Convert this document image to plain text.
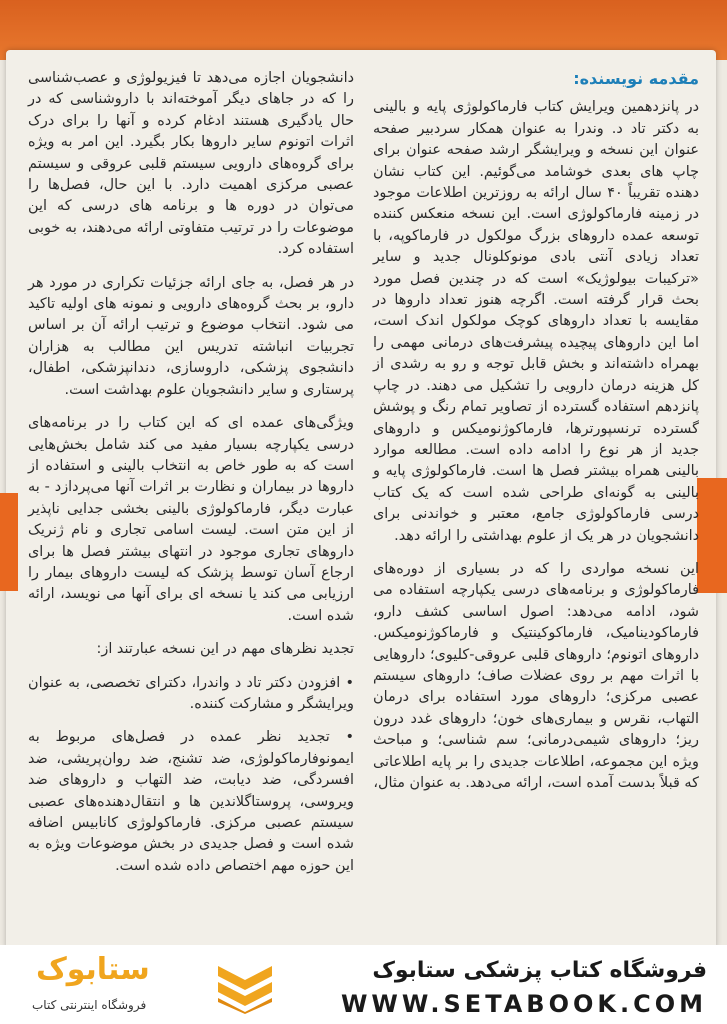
مقدمه نویسنده:

در پانزدهمین ویرایش کتاب فارماکولوژی پایه و بالینی به دکتر تاد د. وندرا به عنوان همکار سردبیر صفحه عنوان این نسخه و ویرایشگر ارشد صفحه عنوان برای چاپ های بعدی خوشامد می‌گوئیم. این کتاب نشان دهنده تقریباً ۴۰ سال ارائه به روزترین اطلاعات موجود در زمینه فارماکولوژی است. این نسخه منعکس کننده توسعه عمده داروهای بزرگ مولکول در فارماکوپه، با تعداد زیادی آنتی بادی مونوکلونال جدید و سایر «ترکیبات بیولوژیک» است که در چندین فصل مورد بحث قرار گرفته است. اگرچه هنوز تعداد داروها در مقایسه با تعداد داروهای کوچک مولکول اندک است، اما این داروهای پیچیده پیشرفت‌های درمانی مهمی را بهمراه داشته‌اند و بخش قابل توجه و رو به رشدی از کل هزینه درمان دارویی را تشکیل می دهند. در چاپ پانزدهم استفاده گسترده از تصاویر تمام رنگ و پوشش گسترده ترنسپورترها، فارماکوژنومیکس و داروهای جدید از هر نوع را ادامه داده است. مطالعه موارد بالینی همراه بیشتر فصل ها است. فارماکولوژی پایه و بالینی به گونه‌ای طراحی شده است که یک کتاب درسی فارماکولوژی جامع، معتبر و خواندنی برای دانشجویان در هر یک از علوم بهداشتی را ارائه دهد.

این نسخه مواردی را که در بسیاری از دوره‌های فارماکولوژی و برنامه‌های درسی یکپارچه استفاده می شود، ادامه می‌دهد: اصول اساسی کشف دارو، فارماکودینامیک، فارماکوکینتیک و فارماکوژنومیکس. داروهای اتونوم؛ داروهای قلبی عروقی-کلیوی؛ داروهایی با اثرات مهم بر روی عضلات صاف؛ داروهای سیستم عصبی مرکزی؛ داروهای مورد استفاده برای درمان التهاب، نقرس و بیماری‌های خون؛ داروهای غدد درون ریز؛ داروهای شیمی‌درمانی؛ سم شناسی؛ و مباحث ویژه این مجموعه، اطلاعات جدیدی را بر پایه اطلاعاتی که قبلاً بدست آمده است، ارائه می‌دهد. به عنوان مثال،

دانشجویان اجازه می‌دهد تا فیزیولوژی و عصب‌شناسی را که در جاهای دیگر آموخته‌اند با داروشناسی که در حال یادگیری هستند ادغام کرده و آنها را برای درک اثرات اتونوم سایر داروها بکار بگیرد. این امر به ویژه برای گروه‌های دارویی سیستم قلبی عروقی و سیستم عصبی مرکزی اهمیت دارد. با این حال، فصل‌ها را می‌توان در دوره ها و برنامه های درسی که این موضوعات را در ترتیب متفاوتی ارائه می‌دهند، به خوبی استفاده کرد.

در هر فصل، به جای ارائه جزئیات تکراری در مورد هر دارو، بر بحث گروه‌های دارویی و نمونه های اولیه تاکید می شود. انتخاب موضوع و ترتیب ارائه آن بر اساس تجربیات انباشته تدریس این مطالب به هزاران دانشجوی پزشکی، داروسازی، دندانپزشکی، اطفال، پرستاری و سایر دانشجویان علوم بهداشت است.

ویژگی‌های عمده ای که این کتاب را در برنامه‌های درسی یکپارچه بسیار مفید می کند شامل بخش‌هایی است که به طور خاص به انتخاب بالینی و استفاده از داروها در بیماران و نظارت بر اثرات آنها می‌پردازد - به عبارت دیگر، فارماکولوژی بالینی بخشی جدایی ناپذیر از این متن است. لیست اسامی تجاری و نام ژنریک داروهای تجاری موجود در انتهای بیشتر فصل ها برای ارجاع آسان توسط پزشک که لیست داروهای بیمار را ارزیابی می کند یا نسخه ای برای آنها می نویسد، ارائه شده است.

تجدید نظرهای مهم در این نسخه عبارتند از:

• افزودن دکتر تاد د واندرا، دکترای تخصصی، به عنوان ویرایشگر و مشارکت کننده.

• تجدید نظر عمده در فصل‌های مربوط به ایمونوفارماکولوژی، ضد تشنج، ضد روان‌پریشی، ضد افسردگی، ضد دیابت، ضد التهاب و داروهای ضد ویروسی، پروستاگلاندین ها و انتقال‌دهنده‌های عصبی سیستم عصبی مرکزی. فارماکولوژی کانابیس اضافه شده است و فصل جدیدی در بخش موضوعات ویژه به این حوزه مهم اختصاص داده شده است.

ستابوک
فروشگاه اینترنتی کتاب
فروشگاه کتاب پزشکی ستابوک
WWW.SETABOOK.COM
